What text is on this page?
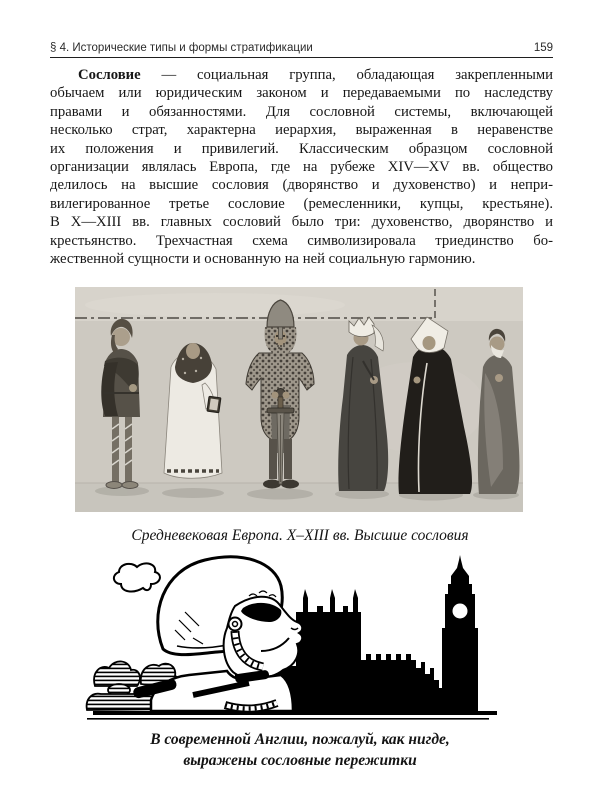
§ 4. Исторические типы и формы стратификации	159
Сословие — социальная группа, обладающая закрепленными
обычаем или юридическим законом и передаваемыми по наследству
правами и обязанностями. Для сословной системы, включающей
несколько страт, характерна иерархия, выраженная в неравенстве
их положения и привилегий. Классическим образцом сословной
организации являлась Европа, где на рубеже XIV—XV вв. общество
делилось на высшие сословия (дворянство и духовенство) и непри-
вилегированное третье сословие (ремесленники, купцы, крестьяне).
В X—XIII вв. главных сословий было три: духовенство, дворянство и
крестьянство. Трехчастная схема символизировала триединство бо-
жественной сущности и основанную на ней социальную гармонию.
Средневековая Европа. X–XIII вв. Высшие сословия
В современной Англии, пожалуй, как нигде,
выражены сословные пережитки
